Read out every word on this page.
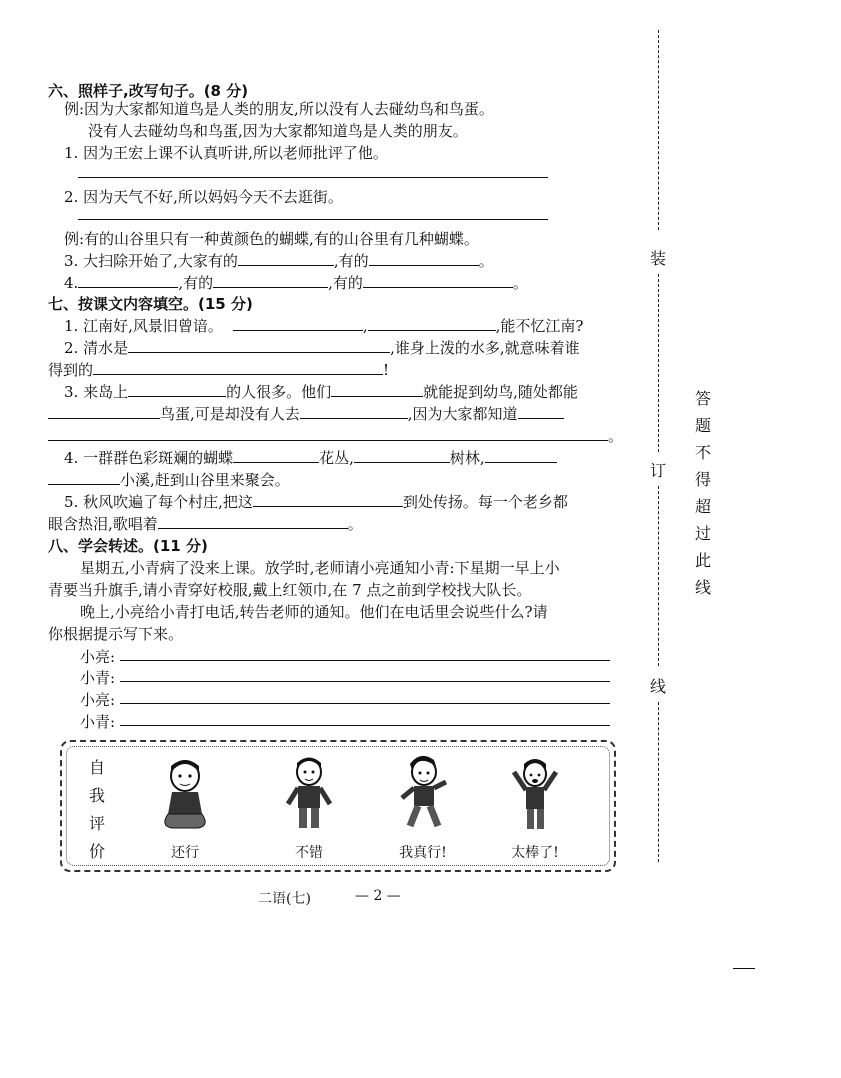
六、照样子,改写句子。(8 分)
例:因为大家都知道鸟是人类的朋友,所以没有人去碰幼鸟和鸟蛋。
没有人去碰幼鸟和鸟蛋,因为大家都知道鸟是人类的朋友。
1. 因为王宏上课不认真听讲,所以老师批评了他。
2. 因为天气不好,所以妈妈今天不去逛街。
例:有的山谷里只有一种黄颜色的蝴蝶,有的山谷里有几种蝴蝶。
3. 大扫除开始了,大家有的	,有的	。
4.	,有的	,有的	。
七、按课文内容填空。(15 分)
1. 江南好,风景旧曾谙。	,	,能不忆江南?
2. 清水是	,谁身上泼的水多,就意味着谁
得到的	!
3. 来岛上	的人很多。他们	就能捉到幼鸟,随处都能
鸟蛋,可是却没有人去	,因为大家都知道
。
4. 一群群色彩斑斓的蝴蝶	花丛,	树林,
小溪,赶到山谷里来聚会。
5. 秋风吹遍了每个村庄,把这	到处传扬。每一个老乡都
眼含热泪,歌唱着	。
八、学会转述。(11 分)
星期五,小青病了没来上课。放学时,老师请小亮通知小青:下星期一早上小
青要当升旗手,请小青穿好校服,戴上红领巾,在 7 点之前到学校找大队长。
晚上,小亮给小青打电话,转告老师的通知。他们在电话里会说些什么?请
你根据提示写下来。
小亮:
小青:
小亮:
小青:
自
我
评
价	还行	不错	我真行!	太棒了!
二语(七)	— 2 —
装
订
线
答
题
不
得
超
过
此
线
